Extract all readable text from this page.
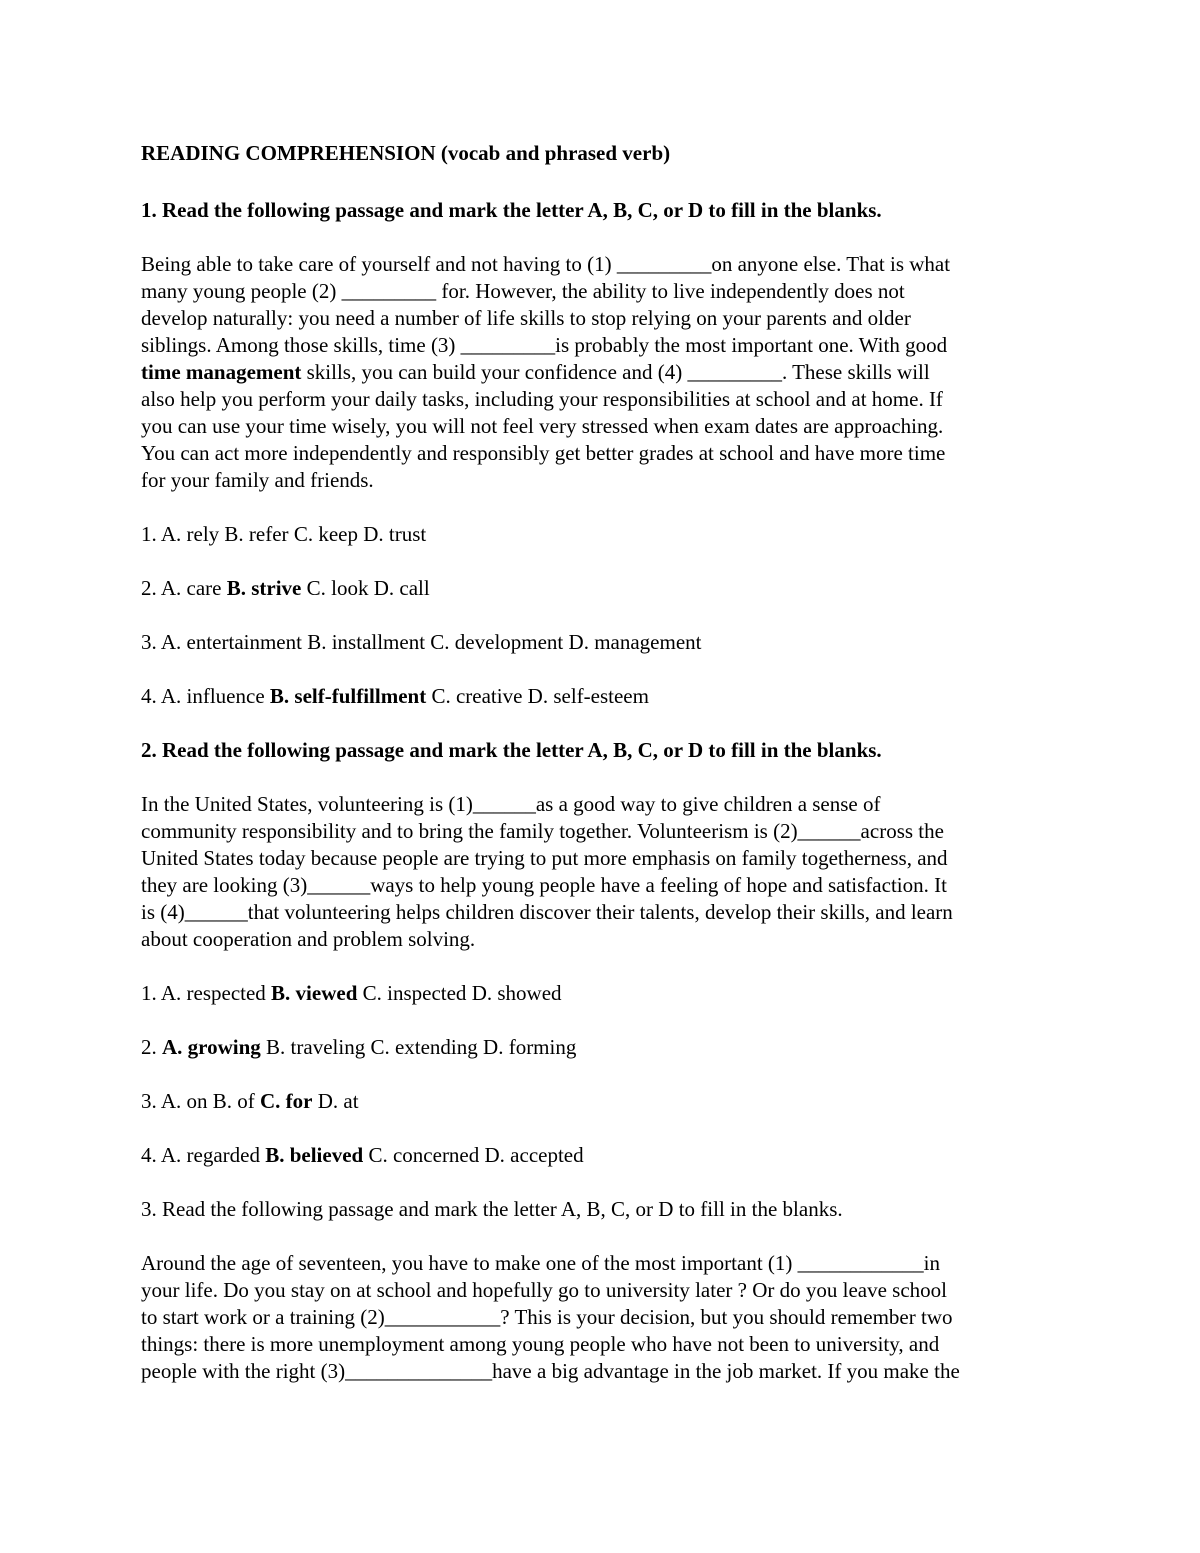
READING COMPREHENSION (vocab and phrased verb)

1. Read the following passage and mark the letter A, B, C, or D to fill in the blanks.

Being able to take care of yourself and not having to (1) _________on anyone else. That is what
many young people (2) _________ for. However, the ability to live independently does not
develop naturally: you need a number of life skills to stop relying on your parents and older
siblings. Among those skills, time (3) _________is probably the most important one. With good
time management skills, you can build your confidence and (4) _________. These skills will
also help you perform your daily tasks, including your responsibilities at school and at home. If
you can use your time wisely, you will not feel very stressed when exam dates are approaching.
You can act more independently and responsibly get better grades at school and have more time
for your family and friends.

1. A. rely B. refer C. keep D. trust

2. A. care B. strive C. look D. call

3. A. entertainment B. installment C. development D. management

4. A. influence B. self-fulfillment C. creative D. self-esteem

2. Read the following passage and mark the letter A, B, C, or D to fill in the blanks.

In the United States, volunteering is (1)______as a good way to give children a sense of
community responsibility and to bring the family together. Volunteerism is (2)______across the
United States today because people are trying to put more emphasis on family togetherness, and
they are looking (3)______ways to help young people have a feeling of hope and satisfaction. It
is (4)______that volunteering helps children discover their talents, develop their skills, and learn
about cooperation and problem solving.

1. A. respected B. viewed C. inspected D. showed

2. A. growing B. traveling C. extending D. forming

3. A. on B. of C. for D. at

4. A. regarded B. believed C. concerned D. accepted

3. Read the following passage and mark the letter A, B, C, or D to fill in the blanks.

Around the age of seventeen, you have to make one of the most important (1) ____________in
your life. Do you stay on at school and hopefully go to university later ? Or do you leave school
to start work or a training (2)___________? This is your decision, but you should remember two
things: there is more unemployment among young people who have not been to university, and
people with the right (3)______________have a big advantage in the job market. If you make the
